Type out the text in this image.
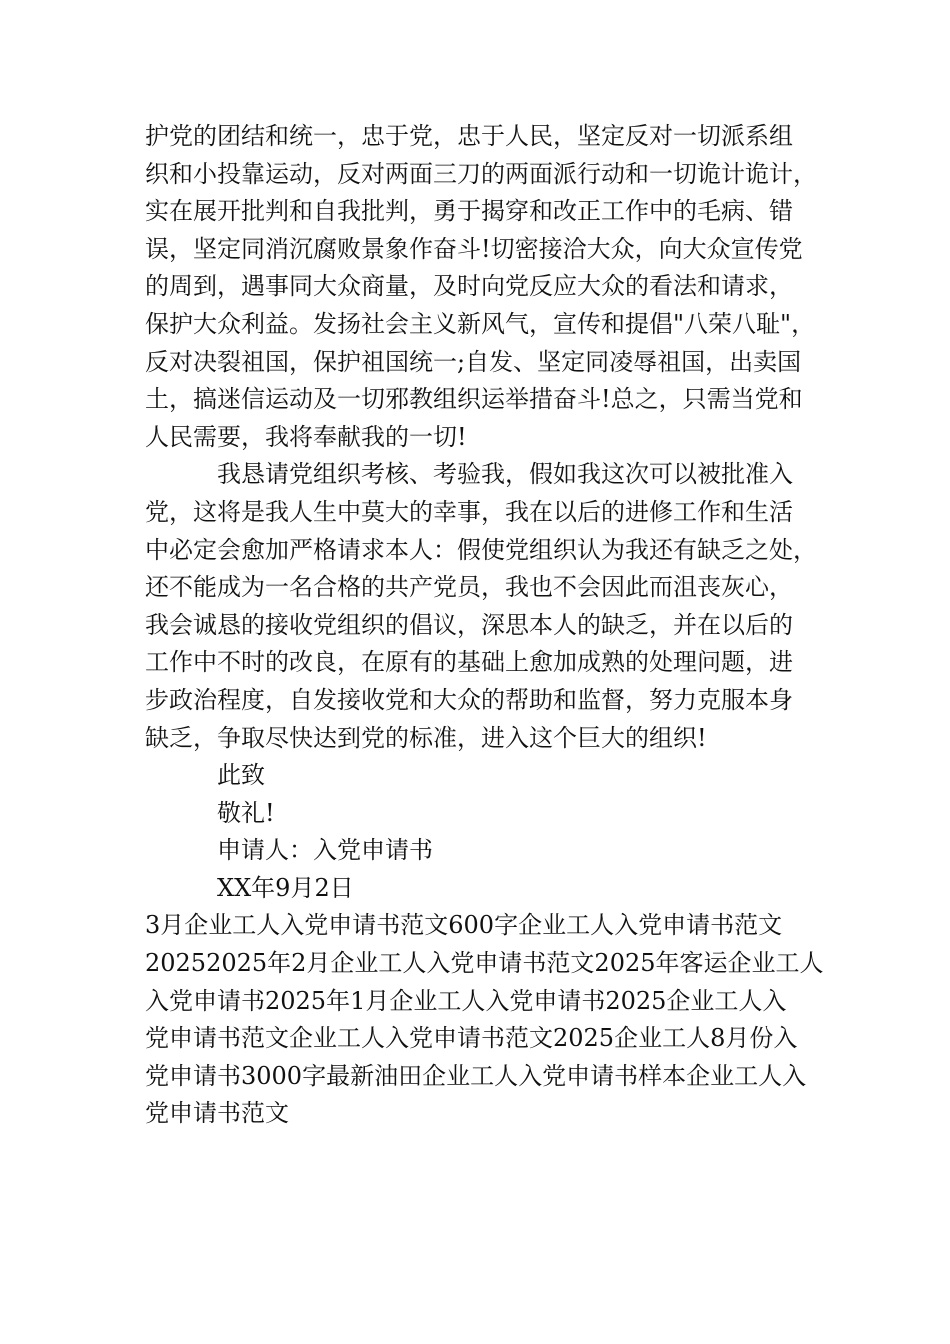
护党的团结和统一，忠于党，忠于人民，坚定反对一切派系组
织和小投靠运动，反对两面三刀的两面派行动和一切诡计诡计，
实在展开批判和自我批判，勇于揭穿和改正工作中的毛病、错
误，坚定同消沉腐败景象作奋斗!切密接洽大众，向大众宣传党
的周到，遇事同大众商量，及时向党反应大众的看法和请求，
保护大众利益。发扬社会主义新风气，宣传和提倡"八荣八耻"，
反对决裂祖国，保护祖国统一;自发、坚定同凌辱祖国，出卖国
土，搞迷信运动及一切邪教组织运举措奋斗!总之，只需当党和
人民需要，我将奉献我的一切!
我恳请党组织考核、考验我，假如我这次可以被批准入
党，这将是我人生中莫大的幸事，我在以后的进修工作和生活
中必定会愈加严格请求本人：假使党组织认为我还有缺乏之处，
还不能成为一名合格的共产党员，我也不会因此而沮丧灰心，
我会诚恳的接收党组织的倡议，深思本人的缺乏，并在以后的
工作中不时的改良，在原有的基础上愈加成熟的处理问题，进
步政治程度，自发接收党和大众的帮助和监督，努力克服本身
缺乏，争取尽快达到党的标准，进入这个巨大的组织!
此致
敬礼!
申请人：入党申请书
XX年9月2日
3月企业工人入党申请书范文600字企业工人入党申请书范文
20252025年2月企业工人入党申请书范文2025年客运企业工人
入党申请书2025年1月企业工人入党申请书2025企业工人入
党申请书范文企业工人入党申请书范文2025企业工人8月份入
党申请书3000字最新油田企业工人入党申请书样本企业工人入
党申请书范文
